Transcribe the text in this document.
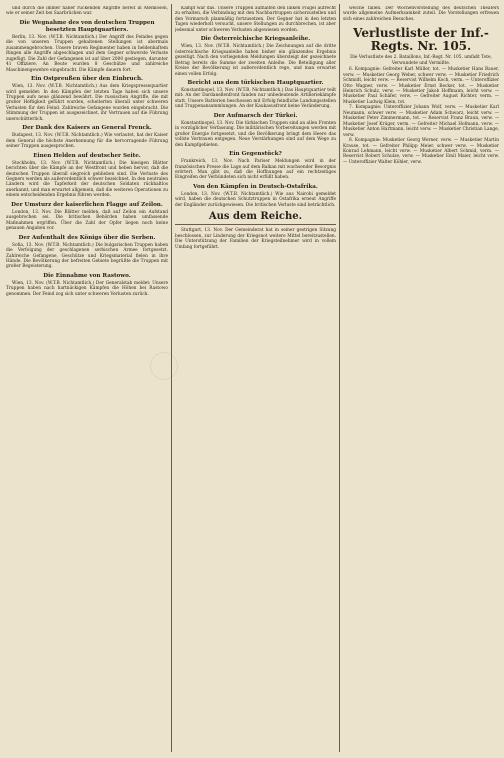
und durch die immer näher rückenden Angriffe bereit in Atemlosen, wie er seiner Zeit bei Saarbrücken war.

Die Wegnahme des von deutschen Truppen besetzten Hauptquartiers.

Berlin, 13. Nov. (W.T.B. Nichtamtlich.) Der Angriff des Feindes gegen die von unseren Truppen gehaltenen Stellungen ist abermals zusammengebrochen. Unsere braven Regimenter haben in heldenhaftem Ringen alle Angriffe abgeschlagen und dem Gegner schwerste Verluste zugefügt. Die Zahl der Gefangenen ist auf über 2000 gestiegen, darunter 41 Offiziere. An Beute wurden 8 Geschütze und zahlreiche Maschinengewehre eingebracht. Die Kämpfe dauern fort.

Ein Ostpreußen über den Einbruch.

Wien, 13. Nov. (W.T.B. Nichtamtlich.) Aus dem Kriegspressequartier wird gemeldet: In den Kämpfen der letzten Tage haben sich unsere Truppen aufs neue glänzend bewährt. Die russischen Angriffe, die mit großer Heftigkeit geführt wurden, scheiterten überall unter schweren Verlusten für den Feind. Zahlreiche Gefangene wurden eingebracht. Die Stimmung der Truppen ist ausgezeichnet, ihr Vertrauen auf die Führung unerschütterlich.

Der Dank des Kaisers an General Frenck.

Budapest, 13. Nov. (W.T.B. Nichtamtlich.) Wie verlautet, hat der Kaiser dem General die höchste Anerkennung für die hervorragende Führung seiner Truppen ausgesprochen.

Einen Helden auf deutscher Seite.

Stockholm, 13. Nov. (W.T.B. Nichtamtlich.) Die hiesigen Blätter berichten über die Kämpfe an der Westfront und heben hervor, daß die deutschen Truppen überall siegreich geblieben sind. Die Verluste des Gegners werden als außerordentlich schwer bezeichnet. In den neutralen Ländern wird die Tapferkeit der deutschen Soldaten rückhaltlos anerkannt, und man erwartet allgemein, daß die weiteren Operationen zu einem entscheidenden Ergebnis führen werden.

Der Umsturz der kaiserlichen Flagge auf Zeilon.

London, 13. Nov. Die Blätter melden, daß auf Zeilon ein Aufstand ausgebrochen sei. Die britischen Behörden haben umfassende Maßnahmen ergriffen. Über die Zahl der Opfer liegen noch keine genauen Angaben vor.

Der Aufenthalt des Königs über die Serben.

Sofia, 13. Nov. (W.T.B. Nichtamtlich.) Die bulgarischen Truppen haben die Verfolgung der geschlagenen serbischen Armee fortgesetzt. Zahlreiche Gefangene, Geschütze und Kriegsmaterial fielen in ihre Hände. Die Bevölkerung der befreiten Gebiete begrüßte die Truppen mit großer Begeisterung.

Die Einnahme von Rastowo.

Wien, 13. Nov. (W.T.B. Nichtamtlich.) Der Generalstab meldet: Unsere Truppen haben nach hartnäckigen Kämpfen die Höhen bei Rastowo genommen. Der Feind zog sich unter schweren Verlusten zurück.

Kampf war das. Unsere Truppen aufhalten den linken Flügel aufrecht zu erhalten, die Verbindung mit den Nachbartruppen sicherzustellen und den Vormarsch planmäßig fortzusetzen. Der Gegner hat in den letzten Tagen wiederholt versucht, unsere Stellungen zu durchbrechen, ist aber jedesmal unter schweren Verlusten abgewiesen worden.

Die Österreichische Kriegsanleihe.

Wien, 13. Nov. (W.T.B. Nichtamtlich.) Die Zeichnungen auf die dritte österreichische Kriegsanleihe haben bisher ein glänzendes Ergebnis gezeitigt. Nach den vorliegenden Meldungen übersteigt der gezeichnete Betrag bereits die Summe der zweiten Anleihe. Die Beteiligung aller Kreise der Bevölkerung ist außerordentlich rege, und man erwartet einen vollen Erfolg.

Bericht aus dem türkischen Hauptquartier.

Konstantinopel, 13. Nov. (W.T.B. Nichtamtlich.) Das Hauptquartier teilt mit: An der Dardanellenfront fanden nur unbedeutende Artilleriekämpfe statt. Unsere Batterien beschossen mit Erfolg feindliche Landungsstellen und Truppenansammlungen. An der Kaukasusfront keine Veränderung.

Der Aufmarsch der Türkei.

Konstantinopel, 13. Nov. Die türkischen Truppen sind an allen Fronten in vorzüglicher Verfassung. Die militärischen Vorbereitungen werden mit großer Energie fortgesetzt, und die Bevölkerung bringt dem Heere das vollste Vertrauen entgegen. Neue Verstärkungen sind auf dem Wege zu den Kampfgebieten.

Ein Gegenstück?

Frankreich, 13. Nov. Nach Pariser Meldungen wird in der französischen Presse die Lage auf dem Balkan mit wachsender Besorgnis erörtert. Man gibt zu, daß die Hoffnungen auf ein rechtzeitiges Eingreifen der Verbündeten sich nicht erfüllt haben.

Von den Kämpfen in Deutsch-Ostafrika.

London, 13. Nov. (W.T.B. Nichtamtlich.) Wie aus Nairobi gemeldet wird, haben die deutschen Schutztruppen in Ostafrika erneut Angriffe der Engländer zurückgewiesen. Die britischen Verluste sind beträchtlich.

Aus dem Reiche.

Stuttgart, 13. Nov. Der Gemeinderat hat in seiner gestrigen Sitzung beschlossen, zur Linderung der Kriegsnot weitere Mittel bereitzustellen. Die Unterstützung der Familien der Kriegsteilnehmer wird in vollem Umfang fortgeführt.

welche fallen. Der Wochenvorstellung des deutschen Theaters wurde allgemeine Aufmerksamkeit zuteil. Die Vorstellungen erfreuen sich eines zahlreichen Besuches.

Verlustliste der Inf.-Regts. Nr. 105.
Die Verlustliste des 2. Bataillons, Inf.-Regt. Nr. 105, umfaßt Tote, Verwundete und Vermißte.

6. Kompagnie: Gefreiter Karl Müller, tot. — Musketier Hans Bauer, verw. — Musketier Georg Weber, schwer verw. — Musketier Friedrich Schmidt, leicht verw. — Reservist Wilhelm Koch, verm. — Unteroffizier Otto Wagner, verw. — Musketier Ernst Becker, tot. — Musketier Heinrich Schulz, verw. — Musketier Jakob Hoffmann, leicht verw. — Musketier Paul Schäfer, verw. — Gefreiter August Richter, verm. — Musketier Ludwig Klein, tot.

7. Kompagnie: Unteroffizier Johann Wolf, verw. — Musketier Karl Neumann, schwer verw. — Musketier Adam Schwarz, leicht verw. — Musketier Peter Zimmermann, tot. — Reservist Franz Braun, verw. — Musketier Josef Krüger, verm. — Gefreiter Michael Hofmann, verw. — Musketier Anton Hartmann, leicht verw. — Musketier Christian Lange, verw.

8. Kompagnie: Musketier Georg Werner, verw. — Musketier Martin Krause, tot. — Gefreiter Philipp Meier, schwer verw. — Musketier Konrad Lehmann, leicht verw. — Musketier Albert Schmid, verm. — Reservist Robert Schulze, verw. — Musketier Emil Maier, leicht verw. — Unteroffizier Walter Köhler, verw.
